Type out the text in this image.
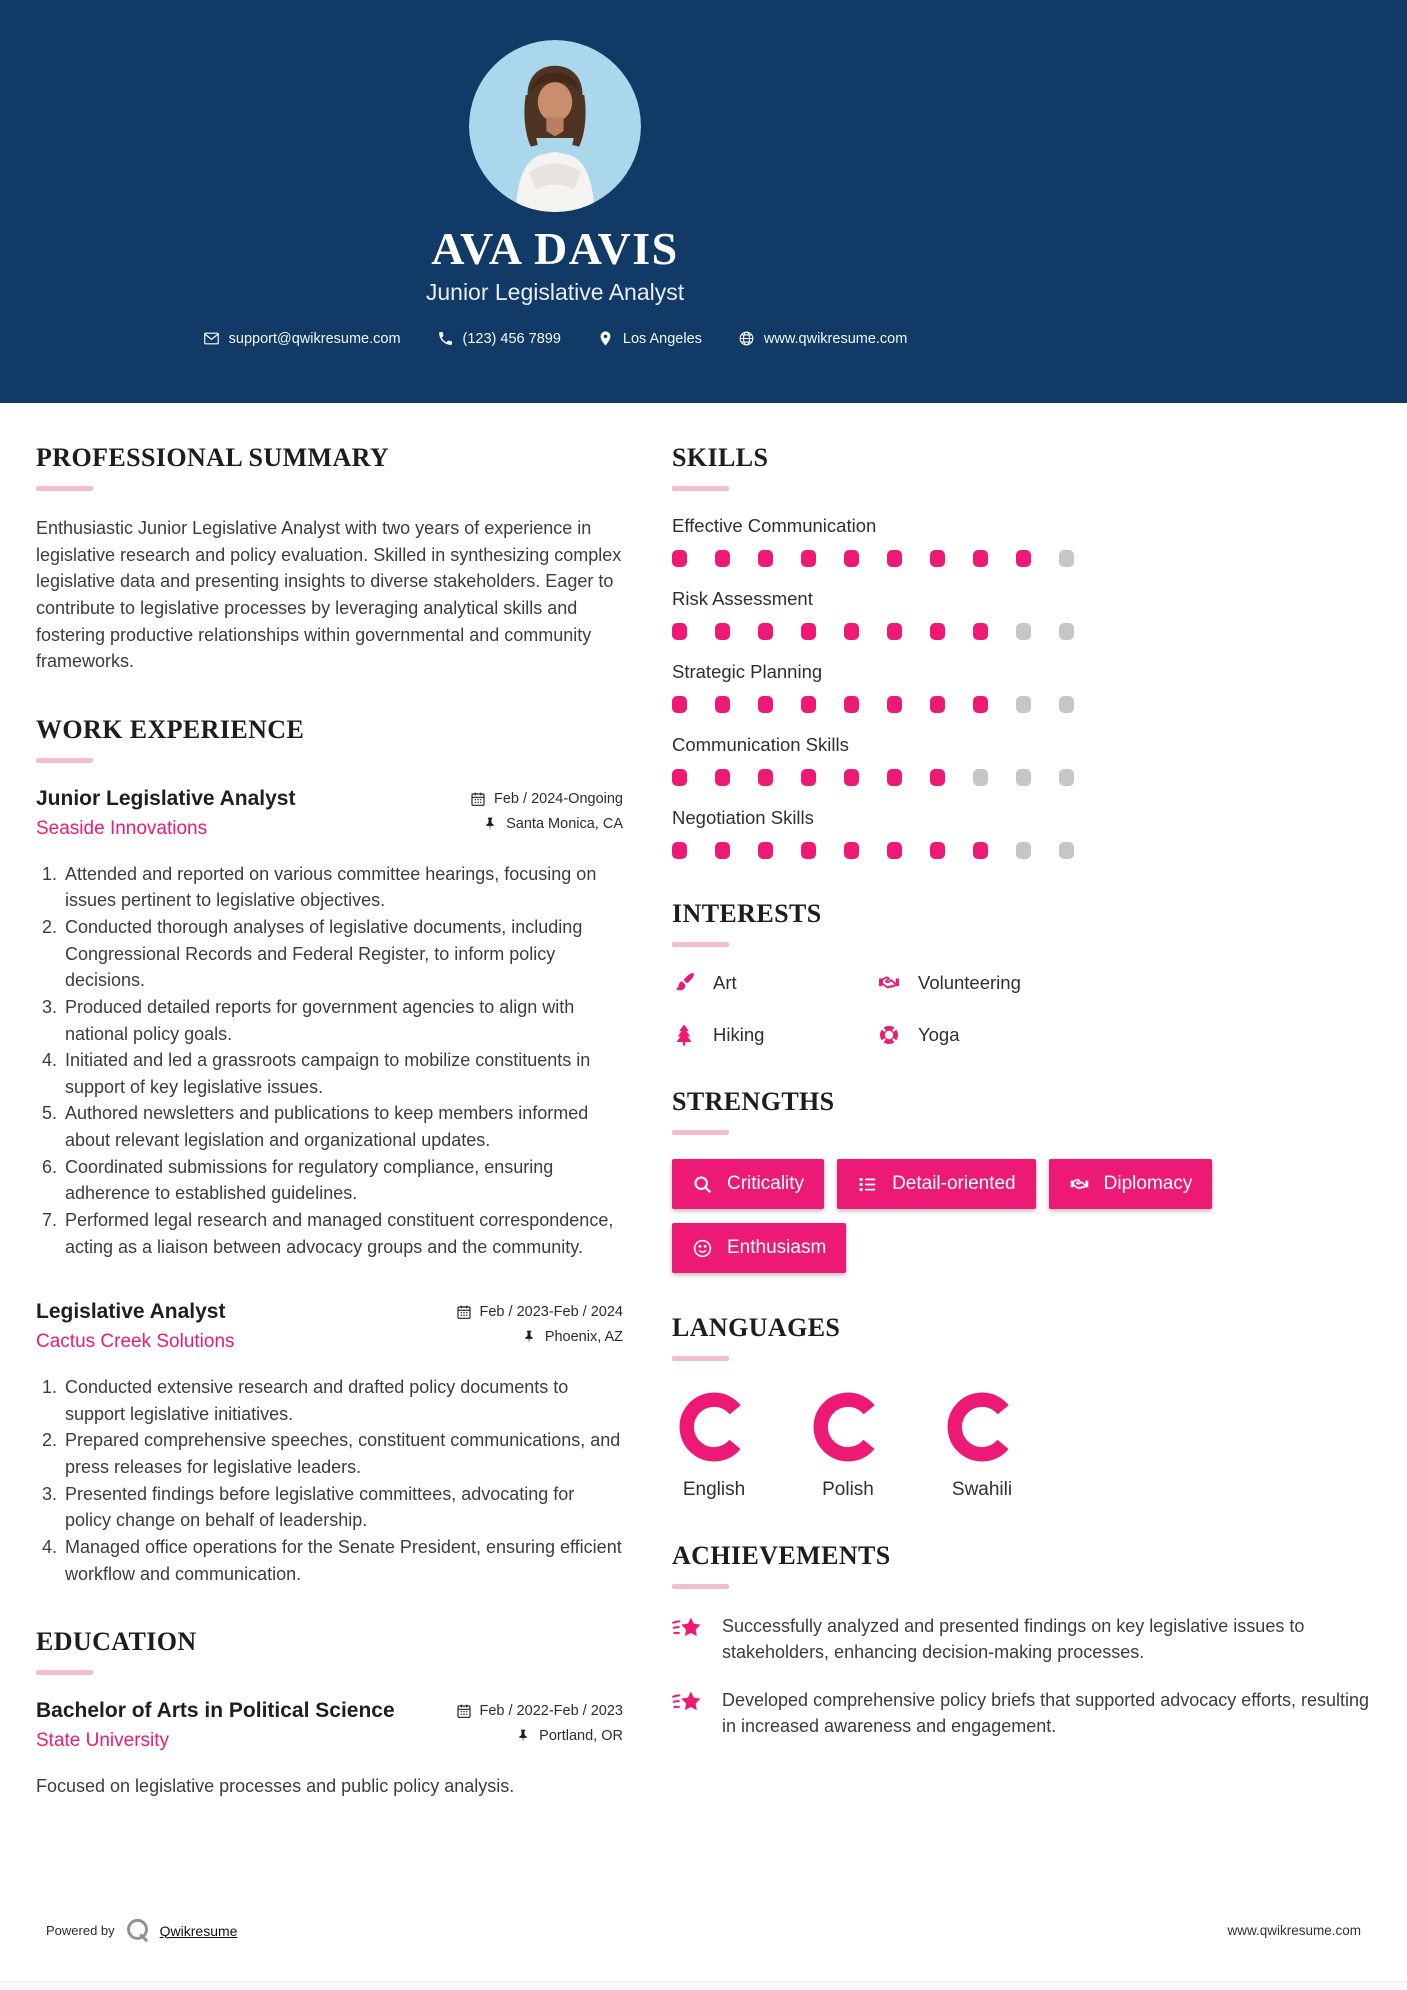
AVA DAVIS
Junior Legislative Analyst
support@qwikresume.com	(123) 456 7899	Los Angeles	www.qwikresume.com
PROFESSIONAL SUMMARY

Enthusiastic Junior Legislative Analyst with two years of experience in legislative research and policy evaluation. Skilled in synthesizing complex legislative data and presenting insights to diverse stakeholders. Eager to contribute to legislative processes by leveraging analytical skills and fostering productive relationships within governmental and community frameworks.

WORK EXPERIENCE
Junior Legislative Analyst
Seaside Innovations
Feb / 2024-Ongoing
Santa Monica, CA
1. Attended and reported on various committee hearings, focusing on issues pertinent to legislative objectives.
2. Conducted thorough analyses of legislative documents, including Congressional Records and Federal Register, to inform policy decisions.
3. Produced detailed reports for government agencies to align with national policy goals.
4. Initiated and led a grassroots campaign to mobilize constituents in support of key legislative issues.
5. Authored newsletters and publications to keep members informed about relevant legislation and organizational updates.
6. Coordinated submissions for regulatory compliance, ensuring adherence to established guidelines.
7. Performed legal research and managed constituent correspondence, acting as a liaison between advocacy groups and the community.
Legislative Analyst
Cactus Creek Solutions
Feb / 2023-Feb / 2024
Phoenix, AZ
1. Conducted extensive research and drafted policy documents to support legislative initiatives.
2. Prepared comprehensive speeches, constituent communications, and press releases for legislative leaders.
3. Presented findings before legislative committees, advocating for policy change on behalf of leadership.
4. Managed office operations for the Senate President, ensuring efficient workflow and communication.
EDUCATION
Bachelor of Arts in Political Science
State University
Feb / 2022-Feb / 2023
Portland, OR

Focused on legislative processes and public policy analysis.

SKILLS
Effective Communication
Risk Assessment
Strategic Planning
Communication Skills
Negotiation Skills
INTERESTS
Art	Volunteering
Hiking	Yoga
STRENGTHS
Criticality	Detail-oriented	Diplomacy
Enthusiasm
LANGUAGES
English	Polish	Swahili
ACHIEVEMENTS

Successfully analyzed and presented findings on key legislative issues to stakeholders, enhancing decision-making processes.

Developed comprehensive policy briefs that supported advocacy efforts, resulting in increased awareness and engagement.

Powered by	Qwikresume	www.qwikresume.com
